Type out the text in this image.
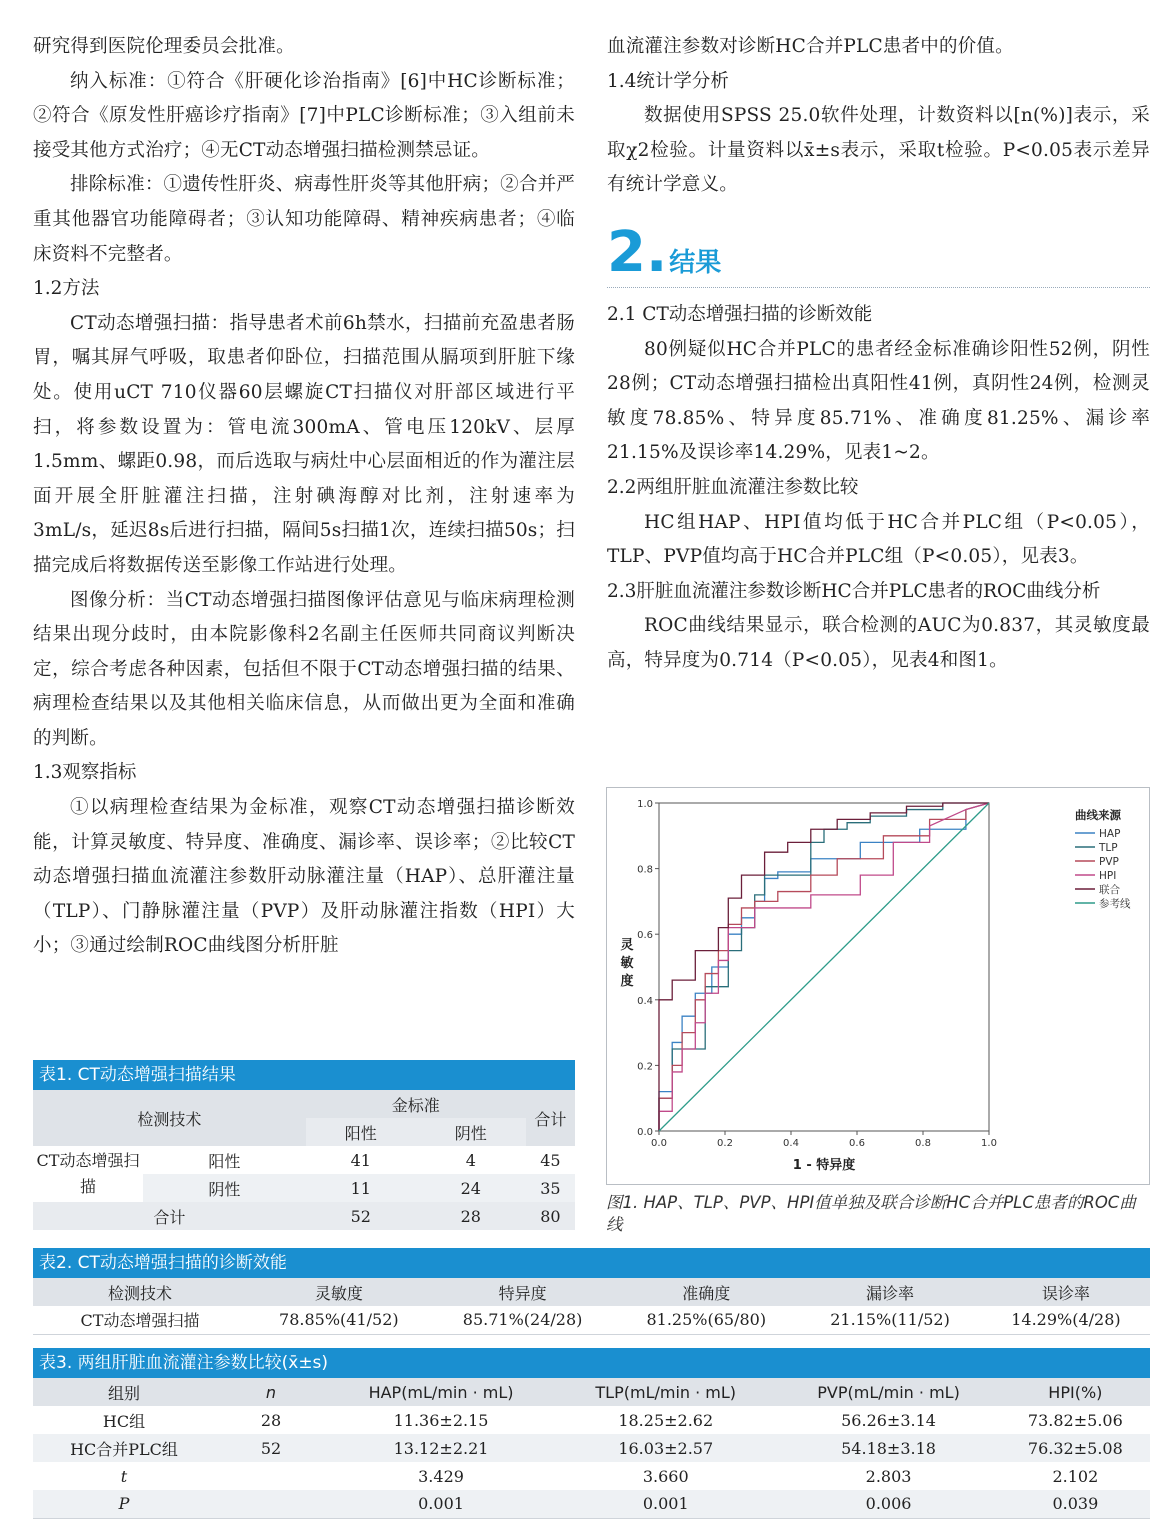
研究得到医院伦理委员会批准。

纳入标准：①符合《肝硬化诊治指南》[6]中HC诊断标准；②符合《原发性肝癌诊疗指南》[7]中PLC诊断标准；③入组前未接受其他方式治疗；④无CT动态增强扫描检测禁忌证。

排除标准：①遗传性肝炎、病毒性肝炎等其他肝病；②合并严重其他器官功能障碍者；③认知功能障碍、精神疾病患者；④临床资料不完整者。

1.2方法

CT动态增强扫描：指导患者术前6h禁水，扫描前充盈患者肠胃，嘱其屏气呼吸，取患者仰卧位，扫描范围从膈项到肝脏下缘处。使用uCT 710仪器60层螺旋CT扫描仪对肝部区域进行平扫，将参数设置为：管电流300mA、管电压120kV、层厚1.5mm、螺距0.98，而后选取与病灶中心层面相近的作为灌注层面开展全肝脏灌注扫描，注射碘海醇对比剂，注射速率为3mL/s，延迟8s后进行扫描，隔间5s扫描1次，连续扫描50s；扫描完成后将数据传送至影像工作站进行处理。

图像分析：当CT动态增强扫描图像评估意见与临床病理检测结果出现分歧时，由本院影像科2名副主任医师共同商议判断决定，综合考虑各种因素，包括但不限于CT动态增强扫描的结果、病理检查结果以及其他相关临床信息，从而做出更为全面和准确的判断。

1.3观察指标

①以病理检查结果为金标准，观察CT动态增强扫描诊断效能，计算灵敏度、特异度、准确度、漏诊率、误诊率；②比较CT动态增强扫描血流灌注参数肝动脉灌注量（HAP）、总肝灌注量（TLP）、门静脉灌注量（PVP）及肝动脉灌注指数（HPI）大小；③通过绘制ROC曲线图分析肝脏

血流灌注参数对诊断HC合并PLC患者中的价值。

1.4统计学分析

数据使用SPSS 25.0软件处理，计数资料以[n(%)]表示，采取χ2检验。计量资料以x̄±s表示，采取t检验。P<0.05表示差异有统计学意义。

2. 结果

2.1 CT动态增强扫描的诊断效能

80例疑似HC合并PLC的患者经金标准确诊阳性52例，阴性28例；CT动态增强扫描检出真阳性41例，真阴性24例，检测灵敏度78.85%、特异度85.71%、准确度81.25%、漏诊率21.15%及误诊率14.29%，见表1~2。

2.2两组肝脏血流灌注参数比较

HC组HAP、HPI值均低于HC合并PLC组（P<0.05），TLP、PVP值均高于HC合并PLC组（P<0.05），见表3。

2.3肝脏血流灌注参数诊断HC合并PLC患者的ROC曲线分析

ROC曲线结果显示，联合检测的AUC为0.837，其灵敏度最高，特异度为0.714（P<0.05），见表4和图1。

表1. CT动态增强扫描结果
检测技术		金标准		合计
		阳性	阴性	
CT动态增强扫描	阳性	41	4	45
	阴性	11	24	35
合计		52	28	80
0.0	0.2	0.4	0.6	0.8	1.0
0.0
0.2
0.4
0.6
0.8
1.0
1 - 特异度
灵
敏
度
曲线来源
HAP
TLP
PVP
HPI
联合
参考线
图1. HAP、TLP、PVP、HPI值单独及联合诊断HC合并PLC患者的ROC曲线
表2. CT动态增强扫描的诊断效能
检测技术	灵敏度	特异度	准确度	漏诊率	误诊率
CT动态增强扫描	78.85%(41/52)	85.71%(24/28)	81.25%(65/80)	21.15%(11/52)	14.29%(4/28)
表3. 两组肝脏血流灌注参数比较(x̄±s)
组别	n	HAP(mL/min · mL)	TLP(mL/min · mL)	PVP(mL/min · mL)	HPI(%)
HC组	28	11.36±2.15	18.25±2.62	56.26±3.14	73.82±5.06
HC合并PLC组	52	13.12±2.21	16.03±2.57	54.18±3.18	76.32±5.08
t		3.429	3.660	2.803	2.102
P		0.001	0.001	0.006	0.039
